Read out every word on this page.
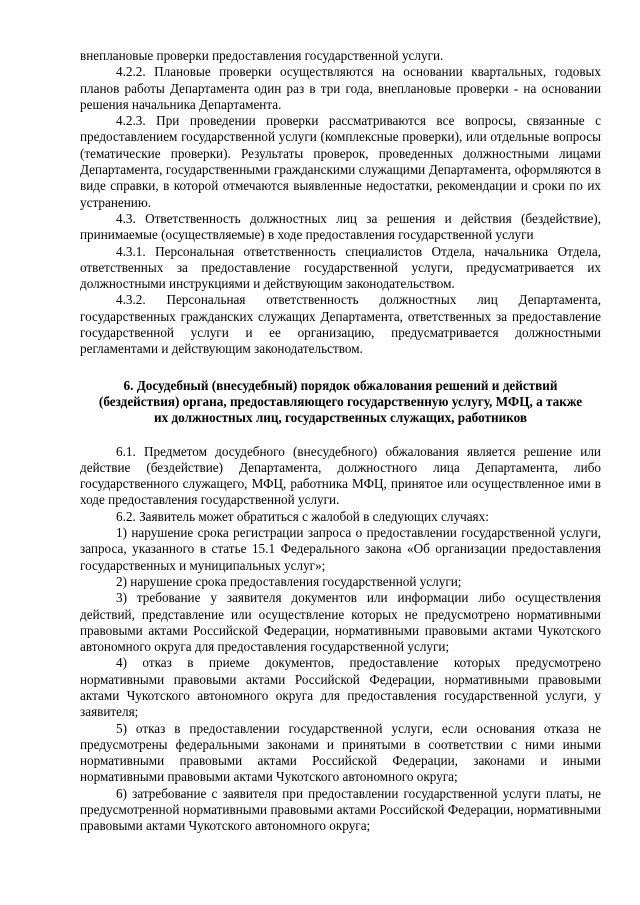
внеплановые проверки предоставления государственной услуги.

4.2.2. Плановые проверки осуществляются на основании квартальных, годовых планов работы Департамента один раз в три года, внеплановые проверки - на основании решения начальника Департамента.

4.2.3. При проведении проверки рассматриваются все вопросы, связанные с предоставлением государственной услуги (комплексные проверки), или отдельные вопросы (тематические проверки). Результаты проверок, проведенных должностными лицами Департамента, государственными гражданскими служащими Департамента, оформляются в виде справки, в которой отмечаются выявленные недостатки, рекомендации и сроки по их устранению.

4.3. Ответственность должностных лиц за решения и действия (бездействие), принимаемые (осуществляемые) в ходе предоставления государственной услуги

4.3.1. Персональная ответственность специалистов Отдела, начальника Отдела, ответственных за предоставление государственной услуги, предусматривается их должностными инструкциями и действующим законодательством.

4.3.2. Персональная ответственность должностных лиц Департамента, государственных гражданских служащих Департамента, ответственных за предоставление государственной услуги и ее организацию, предусматривается должностными регламентами и действующим законодательством.

6. Досудебный (внесудебный) порядок обжалования решений и действий (бездействия) органа, предоставляющего государственную услугу, МФЦ, а также их должностных лиц, государственных служащих, работников

6.1. Предметом досудебного (внесудебного) обжалования является решение или действие (бездействие) Департамента, должностного лица Департамента, либо государственного служащего, МФЦ, работника МФЦ, принятое или осуществленное ими в ходе предоставления государственной услуги.

6.2. Заявитель может обратиться с жалобой в следующих случаях:

1) нарушение срока регистрации запроса о предоставлении государственной услуги, запроса, указанного в статье 15.1 Федерального закона «Об организации предоставления государственных и муниципальных услуг»;

2) нарушение срока предоставления государственной услуги;

3) требование у заявителя документов или информации либо осуществления действий, представление или осуществление которых не предусмотрено нормативными правовыми актами Российской Федерации, нормативными правовыми актами Чукотского автономного округа для предоставления государственной услуги;

4) отказ в приеме документов, предоставление которых предусмотрено нормативными правовыми актами Российской Федерации, нормативными правовыми актами Чукотского автономного округа для предоставления государственной услуги, у заявителя;

5) отказ в предоставлении государственной услуги, если основания отказа не предусмотрены федеральными законами и принятыми в соответствии с ними иными нормативными правовыми актами Российской Федерации, законами и иными нормативными правовыми актами Чукотского автономного округа;

6) затребование с заявителя при предоставлении государственной услуги платы, не предусмотренной нормативными правовыми актами Российской Федерации, нормативными правовыми актами Чукотского автономного округа;
